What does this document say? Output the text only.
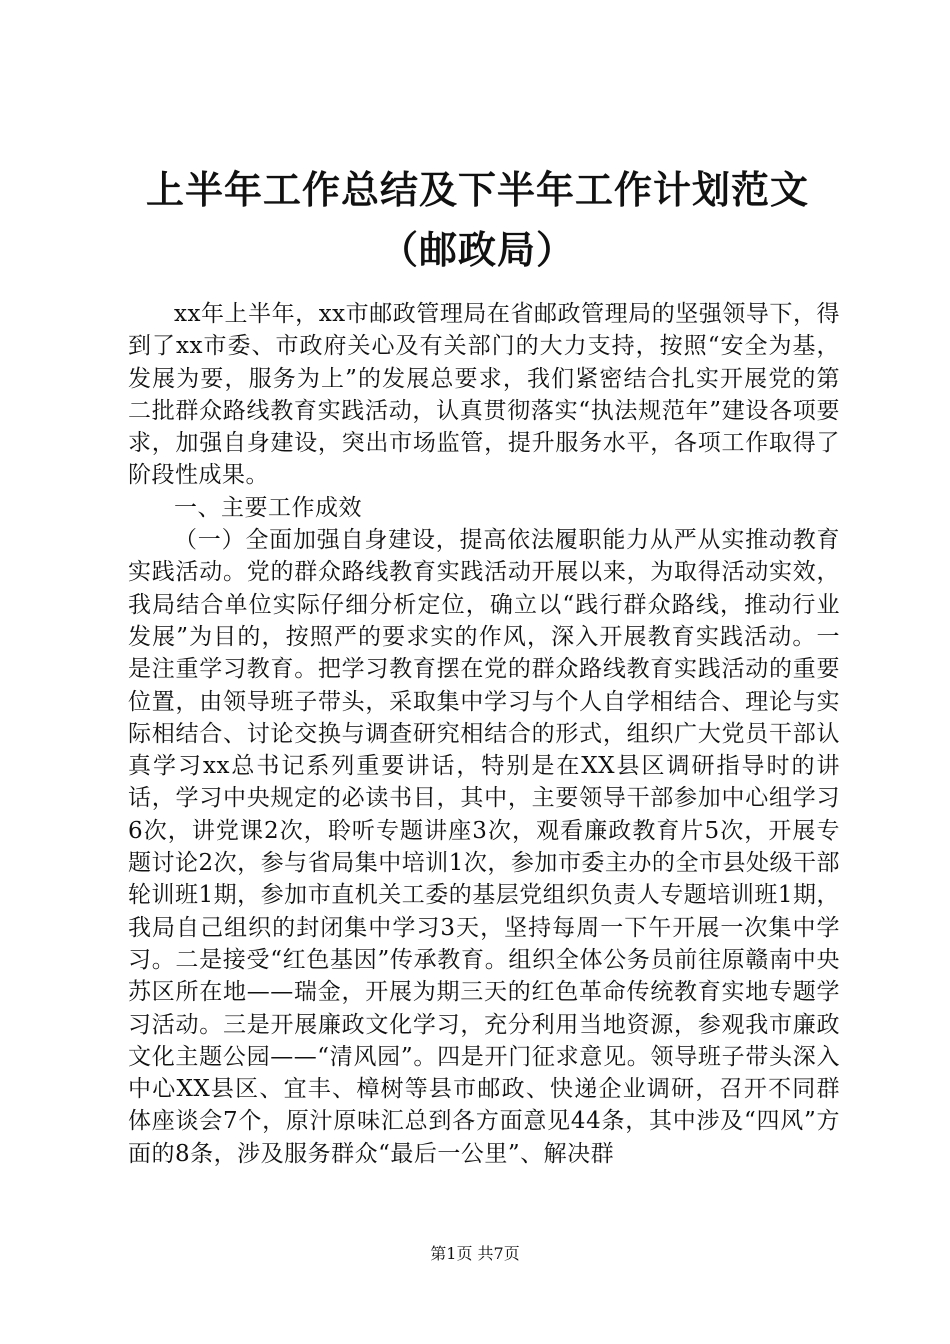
上半年工作总结及下半年工作计划范文（邮政局）

xx年上半年，xx市邮政管理局在省邮政管理局的坚强领导下，得到了xx市委、市政府关心及有关部门的大力支持，按照“安全为基，发展为要，服务为上”的发展总要求，我们紧密结合扎实开展党的第二批群众路线教育实践活动，认真贯彻落实“执法规范年”建设各项要求，加强自身建设，突出市场监管，提升服务水平，各项工作取得了阶段性成果。

一、主要工作成效

（一）全面加强自身建设，提高依法履职能力从严从实推动教育实践活动。党的群众路线教育实践活动开展以来，为取得活动实效，我局结合单位实际仔细分析定位，确立以“践行群众路线，推动行业发展”为目的，按照严的要求实的作风，深入开展教育实践活动。一是注重学习教育。把学习教育摆在党的群众路线教育实践活动的重要位置，由领导班子带头，采取集中学习与个人自学相结合、理论与实际相结合、讨论交换与调查研究相结合的形式，组织广大党员干部认真学习xx总书记系列重要讲话，特别是在XX县区调研指导时的讲话，学习中央规定的必读书目，其中，主要领导干部参加中心组学习6次，讲党课2次，聆听专题讲座3次，观看廉政教育片5次，开展专题讨论2次，参与省局集中培训1次，参加市委主办的全市县处级干部轮训班1期，参加市直机关工委的基层党组织负责人专题培训班1期，我局自己组织的封闭集中学习3天，坚持每周一下午开展一次集中学习。二是接受“红色基因”传承教育。组织全体公务员前往原赣南中央苏区所在地——瑞金，开展为期三天的红色革命传统教育实地专题学习活动。三是开展廉政文化学习，充分利用当地资源，参观我市廉政文化主题公园——“清风园”。四是开门征求意见。领导班子带头深入中心XX县区、宜丰、樟树等县市邮政、快递企业调研，召开不同群体座谈会7个，原汁原味汇总到各方面意见44条，其中涉及“四风”方面的8条，涉及服务群众“最后一公里”、解决群

第1页 共7页
